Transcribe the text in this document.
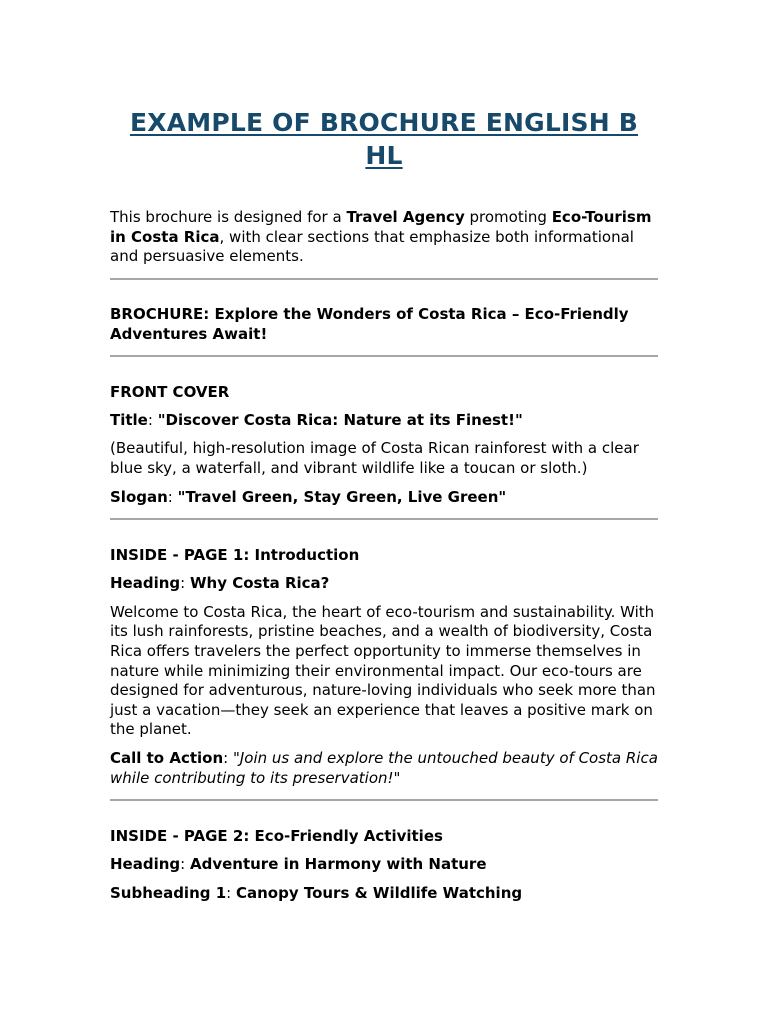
EXAMPLE OF BROCHURE ENGLISH B HL

This brochure is designed for a Travel Agency promoting Eco-Tourism in Costa Rica, with clear sections that emphasize both informational and persuasive elements.

BROCHURE: Explore the Wonders of Costa Rica – Eco-Friendly Adventures Await!

FRONT COVER

Title: "Discover Costa Rica: Nature at its Finest!"

(Beautiful, high-resolution image of Costa Rican rainforest with a clear blue sky, a waterfall, and vibrant wildlife like a toucan or sloth.)

Slogan: "Travel Green, Stay Green, Live Green"

INSIDE - PAGE 1: Introduction

Heading: Why Costa Rica?

Welcome to Costa Rica, the heart of eco-tourism and sustainability. With its lush rainforests, pristine beaches, and a wealth of biodiversity, Costa Rica offers travelers the perfect opportunity to immerse themselves in nature while minimizing their environmental impact. Our eco-tours are designed for adventurous, nature-loving individuals who seek more than just a vacation—they seek an experience that leaves a positive mark on the planet.

Call to Action: "Join us and explore the untouched beauty of Costa Rica while contributing to its preservation!"

INSIDE - PAGE 2: Eco-Friendly Activities

Heading: Adventure in Harmony with Nature

Subheading 1: Canopy Tours & Wildlife Watching
